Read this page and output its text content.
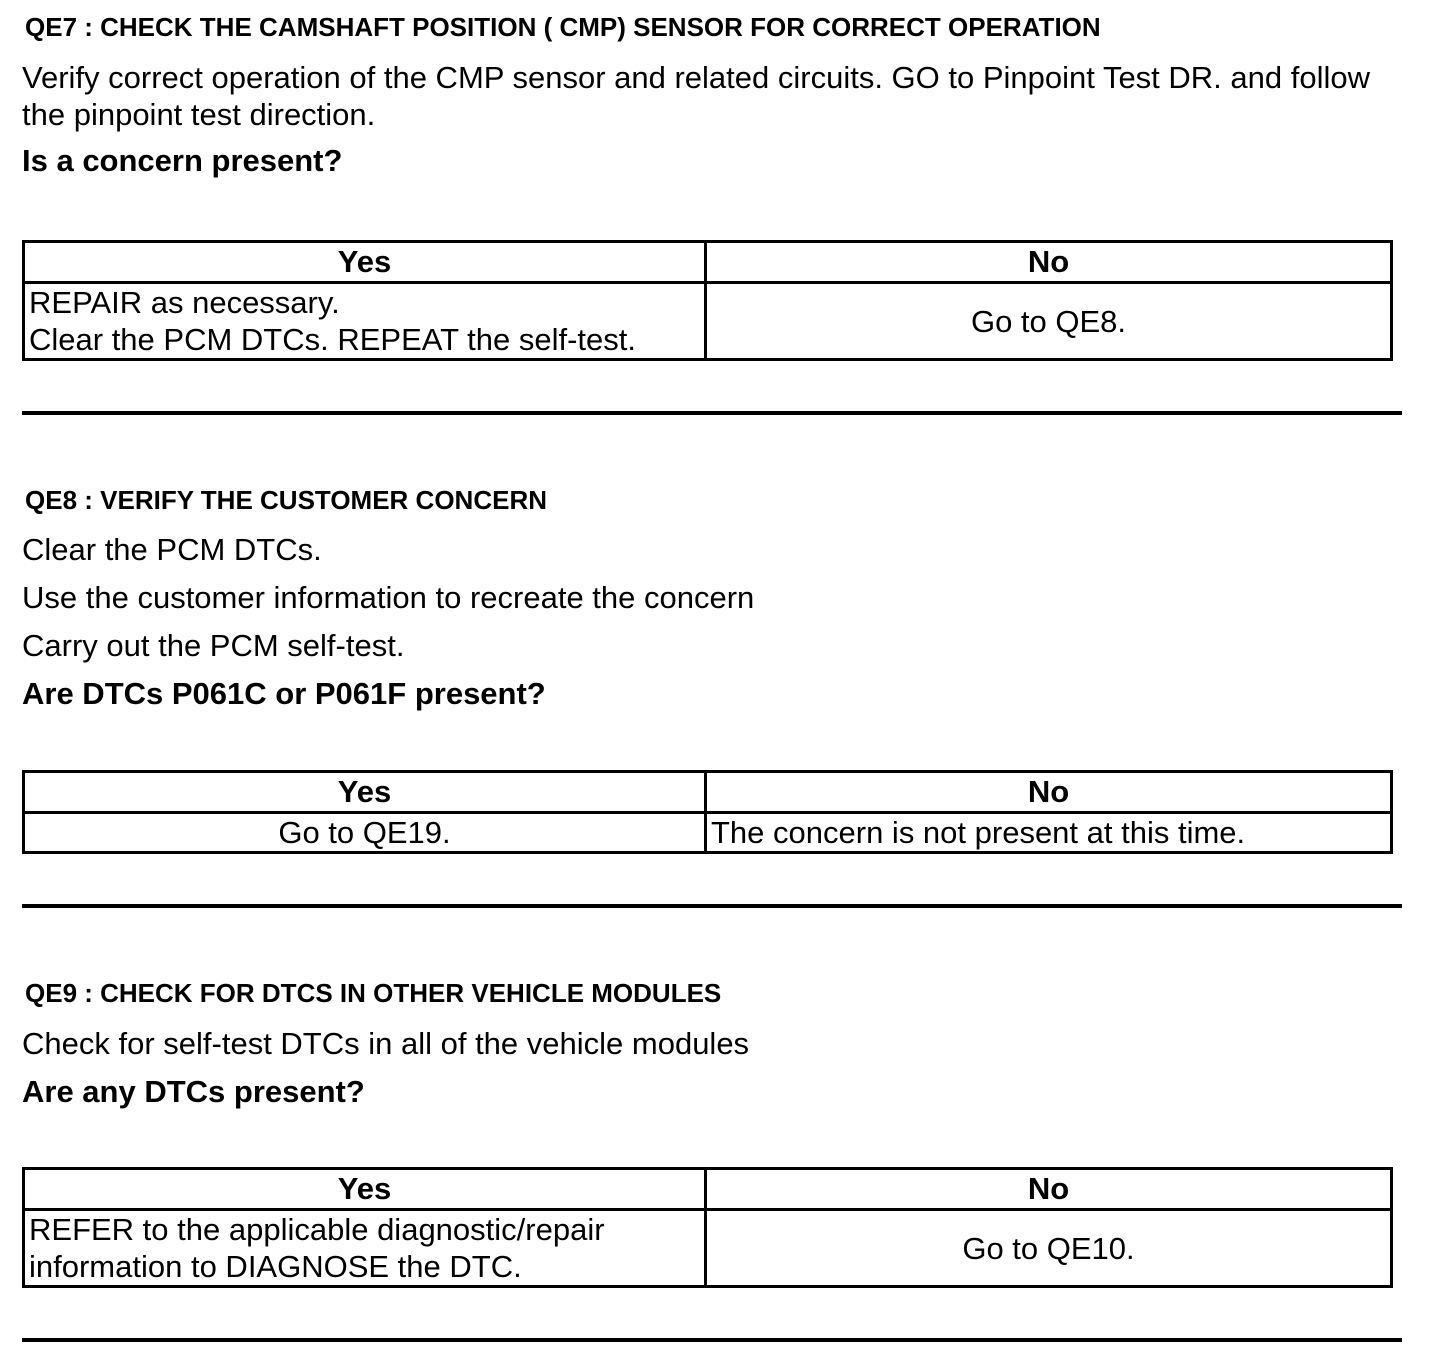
QE7 : CHECK THE CAMSHAFT POSITION ( CMP) SENSOR FOR CORRECT OPERATION

Verify correct operation of the CMP sensor and related circuits. GO to Pinpoint Test DR. and follow the pinpoint test direction.

Is a concern present?

Yes	No

REPAIR as necessary.
Clear the PCM DTCs. REPEAT the self-test.	Go to QE8.
QE8 : VERIFY THE CUSTOMER CONCERN

Clear the PCM DTCs.

Use the customer information to recreate the concern

Carry out the PCM self-test.

Are DTCs P061C or P061F present?

Yes	No
Go to QE19.	The concern is not present at this time.
QE9 : CHECK FOR DTCS IN OTHER VEHICLE MODULES

Check for self-test DTCs in all of the vehicle modules

Are any DTCs present?

Yes	No

REFER to the applicable diagnostic/repair
information to DIAGNOSE the DTC.	Go to QE10.
